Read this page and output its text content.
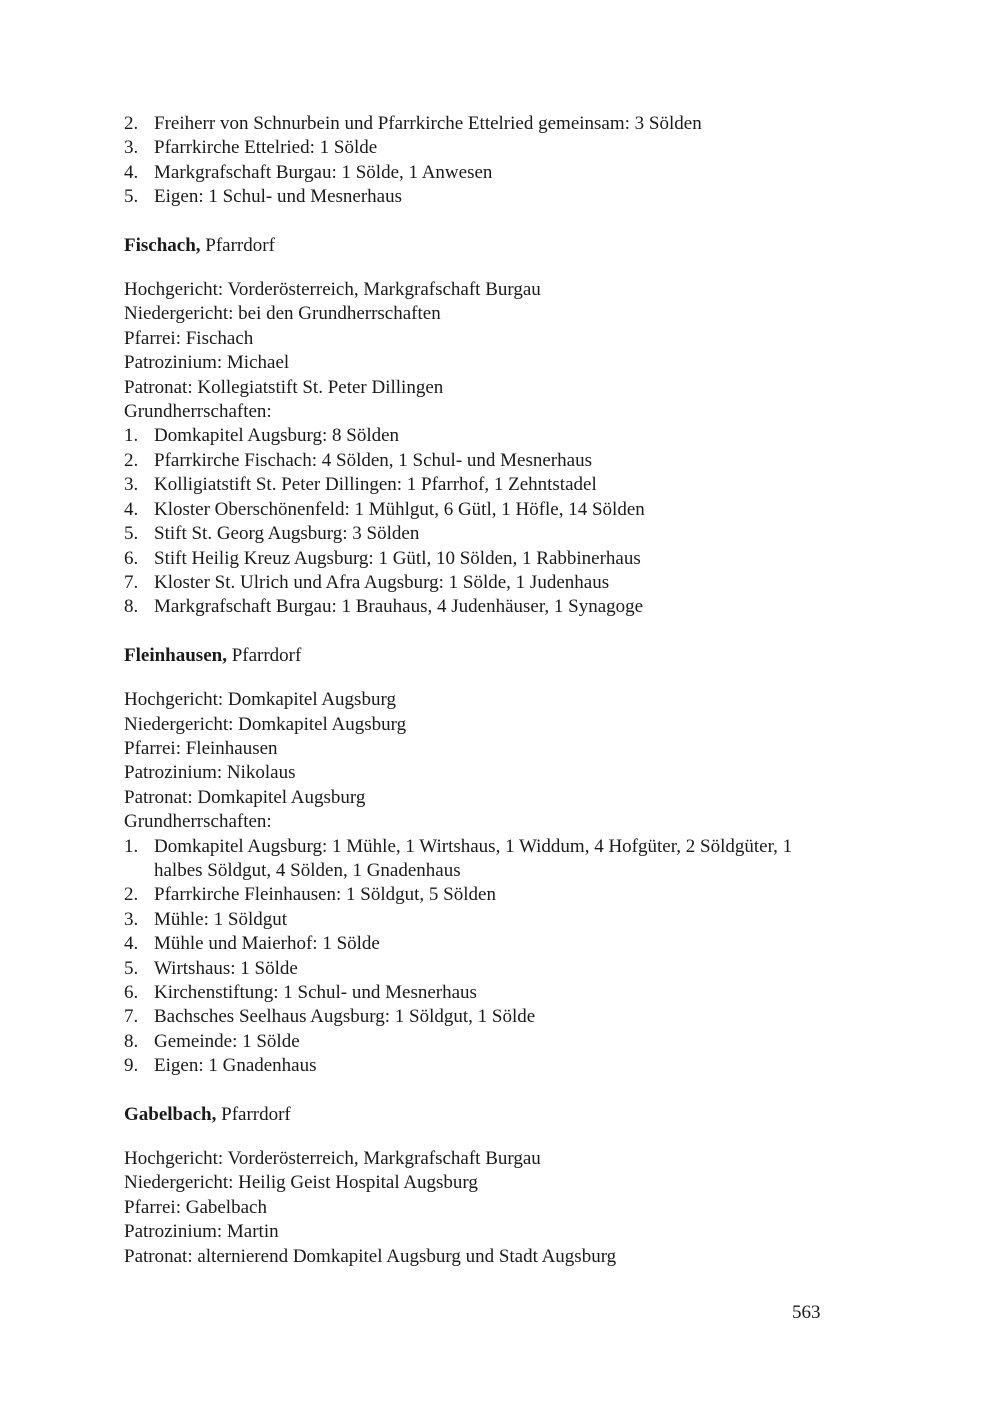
2. Freiherr von Schnurbein und Pfarrkirche Ettelried gemeinsam: 3 Sölden
3. Pfarrkirche Ettelried: 1 Sölde
4. Markgrafschaft Burgau: 1 Sölde, 1 Anwesen
5. Eigen: 1 Schul- und Mesnerhaus
Fischach, Pfarrdorf
Hochgericht: Vorderösterreich, Markgrafschaft Burgau
Niedergericht: bei den Grundherrschaften
Pfarrei: Fischach
Patrozinium: Michael
Patronat: Kollegiatstift St. Peter Dillingen
Grundherrschaften:
1. Domkapitel Augsburg: 8 Sölden
2. Pfarrkirche Fischach: 4 Sölden, 1 Schul- und Mesnerhaus
3. Kolligiatstift St. Peter Dillingen: 1 Pfarrhof, 1 Zehntstadel
4. Kloster Oberschönenfeld: 1 Mühlgut, 6 Gütl, 1 Höfle, 14 Sölden
5. Stift St. Georg Augsburg: 3 Sölden
6. Stift Heilig Kreuz Augsburg: 1 Gütl, 10 Sölden, 1 Rabbinerhaus
7. Kloster St. Ulrich und Afra Augsburg: 1 Sölde, 1 Judenhaus
8. Markgrafschaft Burgau: 1 Brauhaus, 4 Judenhäuser, 1 Synagoge
Fleinhausen, Pfarrdorf
Hochgericht: Domkapitel Augsburg
Niedergericht: Domkapitel Augsburg
Pfarrei: Fleinhausen
Patrozinium: Nikolaus
Patronat: Domkapitel Augsburg
Grundherrschaften:
1. Domkapitel Augsburg: 1 Mühle, 1 Wirtshaus, 1 Widdum, 4 Hofgüter, 2 Söldgüter, 1 halbes Söldgut, 4 Sölden, 1 Gnadenhaus
2. Pfarrkirche Fleinhausen: 1 Söldgut, 5 Sölden
3. Mühle: 1 Söldgut
4. Mühle und Maierhof: 1 Sölde
5. Wirtshaus: 1 Sölde
6. Kirchenstiftung: 1 Schul- und Mesnerhaus
7. Bachsches Seelhaus Augsburg: 1 Söldgut, 1 Sölde
8. Gemeinde: 1 Sölde
9. Eigen: 1 Gnadenhaus
Gabelbach, Pfarrdorf
Hochgericht: Vorderösterreich, Markgrafschaft Burgau
Niedergericht: Heilig Geist Hospital Augsburg
Pfarrei: Gabelbach
Patrozinium: Martin
Patronat: alternierend Domkapitel Augsburg und Stadt Augsburg
563
